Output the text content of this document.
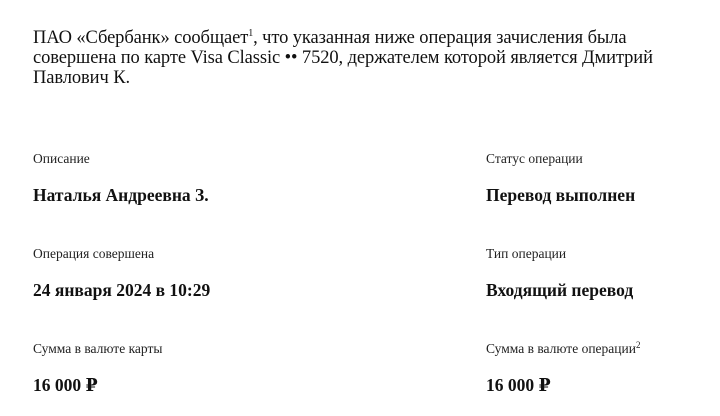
ПАО «Сбербанк» сообщает$^1$, что указанная ниже операция зачисления была совершена по карте Visa Classic •• 7520, держателем которой является Дмитрий Павлович К.
Описание
Наталья Андреевна З.
Статус операции
Перевод выполнен
Операция совершена
24 января 2024 в 10:29
Тип операции
Входящий перевод
Сумма в валюте карты
16 000 ₽
Сумма в валюте операции$^2$
16 000 ₽
